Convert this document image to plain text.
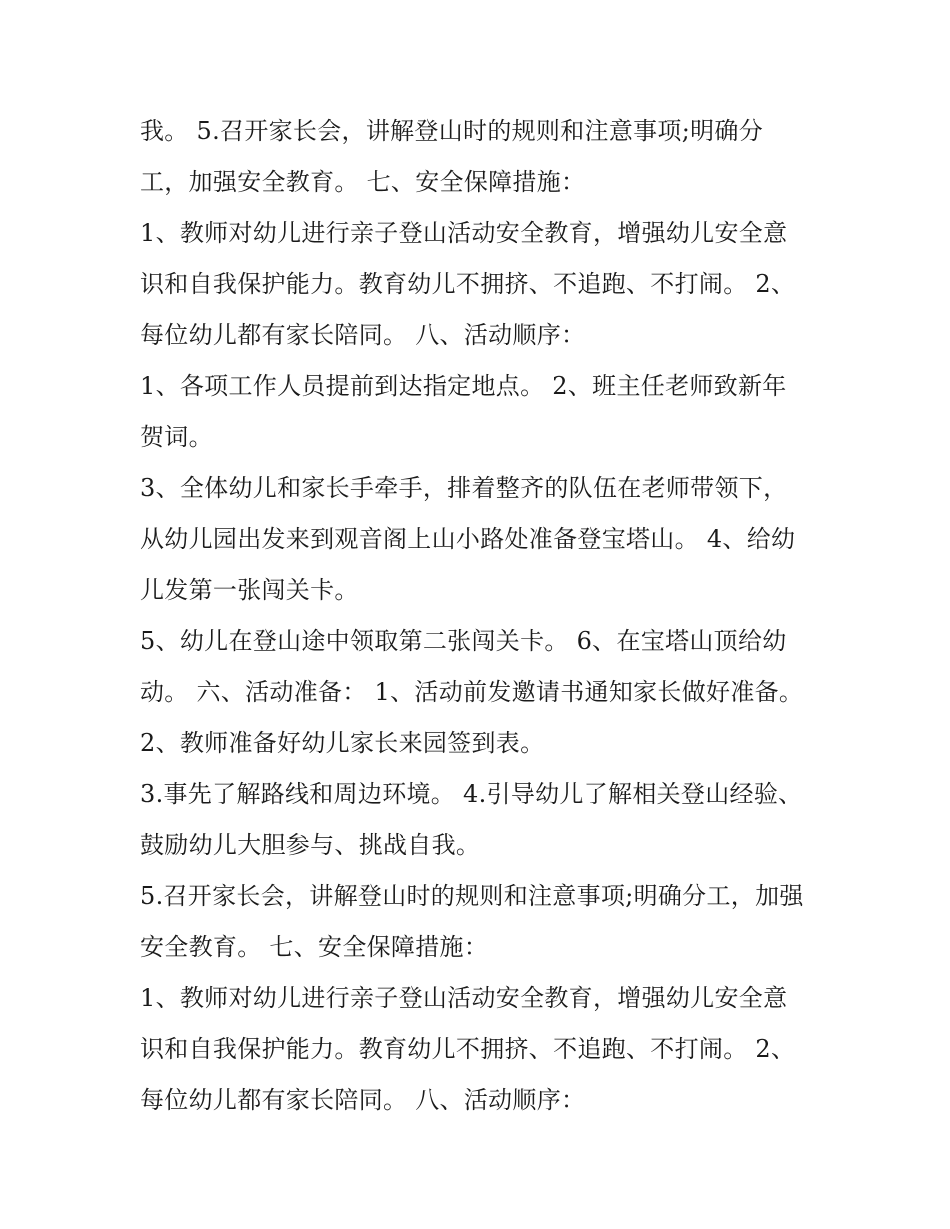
我。 5.召开家长会，讲解登山时的规则和注意事项;明确分
工，加强安全教育。 七、安全保障措施：
1、教师对幼儿进行亲子登山活动安全教育，增强幼儿安全意
识和自我保护能力。教育幼儿不拥挤、不追跑、不打闹。 2、
每位幼儿都有家长陪同。 八、活动顺序：
1、各项工作人员提前到达指定地点。 2、班主任老师致新年
贺词。
3、全体幼儿和家长手牵手，排着整齐的队伍在老师带领下，
从幼儿园出发来到观音阁上山小路处准备登宝塔山。 4、给幼
儿发第一张闯关卡。
5、幼儿在登山途中领取第二张闯关卡。 6、在宝塔山顶给幼
动。 六、活动准备： 1、活动前发邀请书通知家长做好准备。
2、教师准备好幼儿家长来园签到表。
3.事先了解路线和周边环境。 4.引导幼儿了解相关登山经验、
鼓励幼儿大胆参与、挑战自我。
5.召开家长会，讲解登山时的规则和注意事项;明确分工，加强
安全教育。 七、安全保障措施：
1、教师对幼儿进行亲子登山活动安全教育，增强幼儿安全意
识和自我保护能力。教育幼儿不拥挤、不追跑、不打闹。 2、
每位幼儿都有家长陪同。 八、活动顺序：
